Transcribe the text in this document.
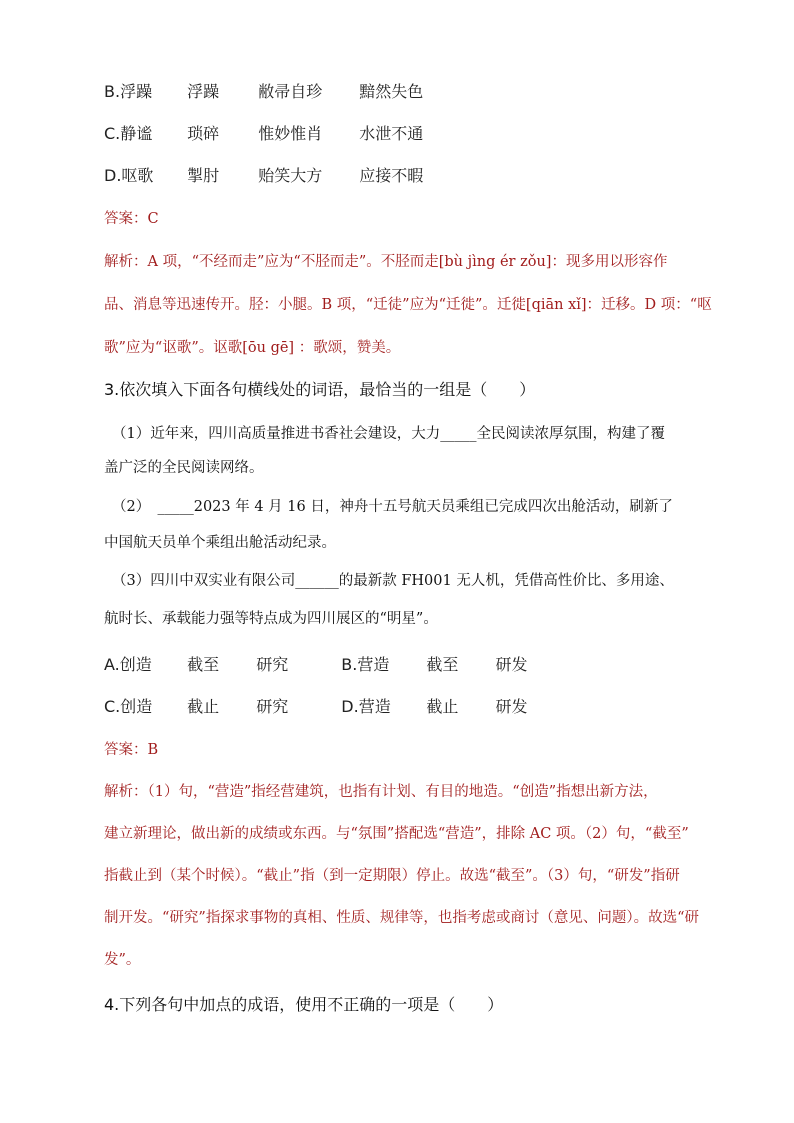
B.浮躁 浮躁 敝帚自珍 黯然失色
C.静谧 琐碎 惟妙惟肖 水泄不通
D.呕歌 掣肘 贻笑大方 应接不暇
答案：C
解析：A 项，“不经而走”应为“不胫而走”。不胫而走[bù jìng ér zǒu]：现多用以形容作
品、消息等迅速传开。胫：小腿。B 项，“迁徒”应为“迁徙”。迁徙[qiān xǐ]：迁移。D 项：“呕
歌”应为“讴歌”。讴歌[ōu gē] ：歌颂，赞美。
3.依次填入下面各句横线处的词语，最恰当的一组是（　　）
（1）近年来，四川高质量推进书香社会建设，大力_____全民阅读浓厚氛围，构建了覆
盖广泛的全民阅读网络。
（2）　_____2023 年 4 月 16 日，神舟十五号航天员乘组已完成四次出舱活动，刷新了
中国航天员单个乘组出舱活动纪录。
（3）四川中双实业有限公司______的最新款 FH001 无人机，凭借高性价比、多用途、
航时长、承载能力强等特点成为四川展区的“明星”。
A.创造 截至 研究	B.营造 截至 研发
C.创造 截止 研究	D.营造 截止 研发
答案：B
解析：（1）句，“营造”指经营建筑，也指有计划、有目的地造。“创造”指想出新方法，
建立新理论，做出新的成绩或东西。与“氛围”搭配选“营造”，排除 AC 项。（2）句，“截至”
指截止到（某个时候）。“截止”指（到一定期限）停止。故选“截至”。（3）句，“研发”指研
制开发。“研究”指探求事物的真相、性质、规律等，也指考虑或商讨（意见、问题）。故选“研
发”。
4.下列各句中加点的成语，使用不正确的一项是（　　）
